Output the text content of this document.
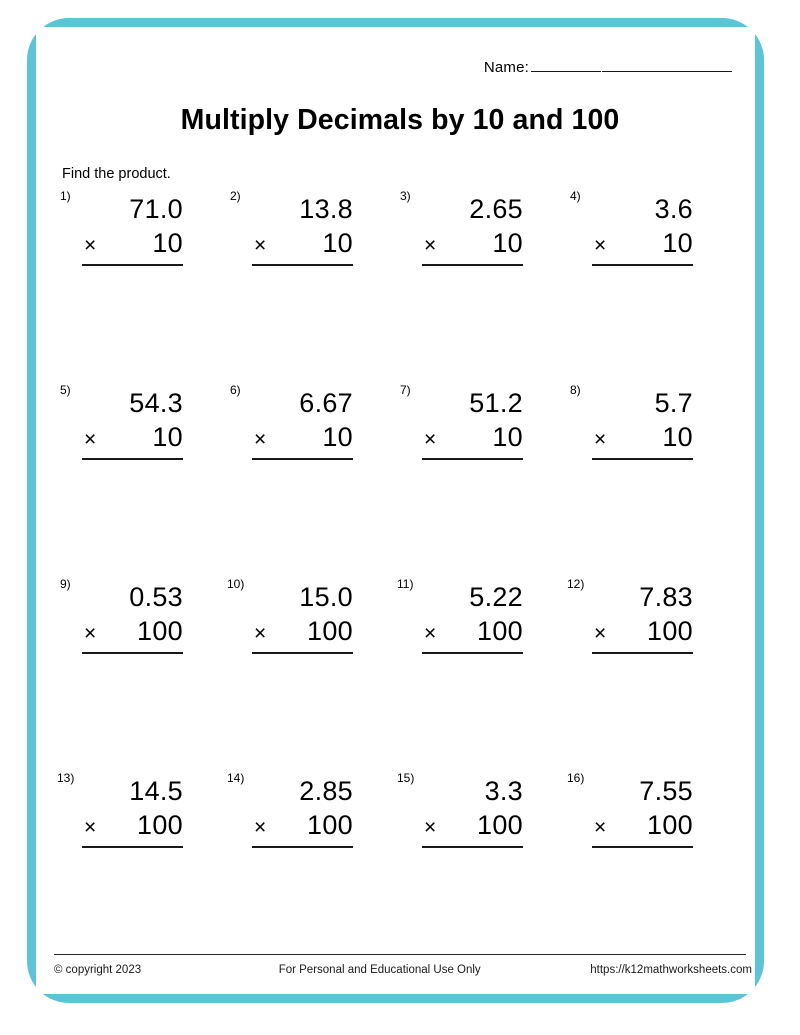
Name:
Multiply Decimals by 10 and 100
Find the product.
1)	71.0
× 10
2)	13.8
× 10
3)	2.65
× 10
4)	3.6
× 10
5)	54.3
× 10
6)	6.67
× 10
7)	51.2
× 10
8)	5.7
× 10
9)	0.53
× 100
10)	15.0
× 100
11)	5.22
× 100
12)	7.83
× 100
13)	14.5
× 100
14)	2.85
× 100
15)	3.3
× 100
16)	7.55
× 100
© copyright 2023	For Personal and Educational Use Only	https://k12mathworksheets.com
